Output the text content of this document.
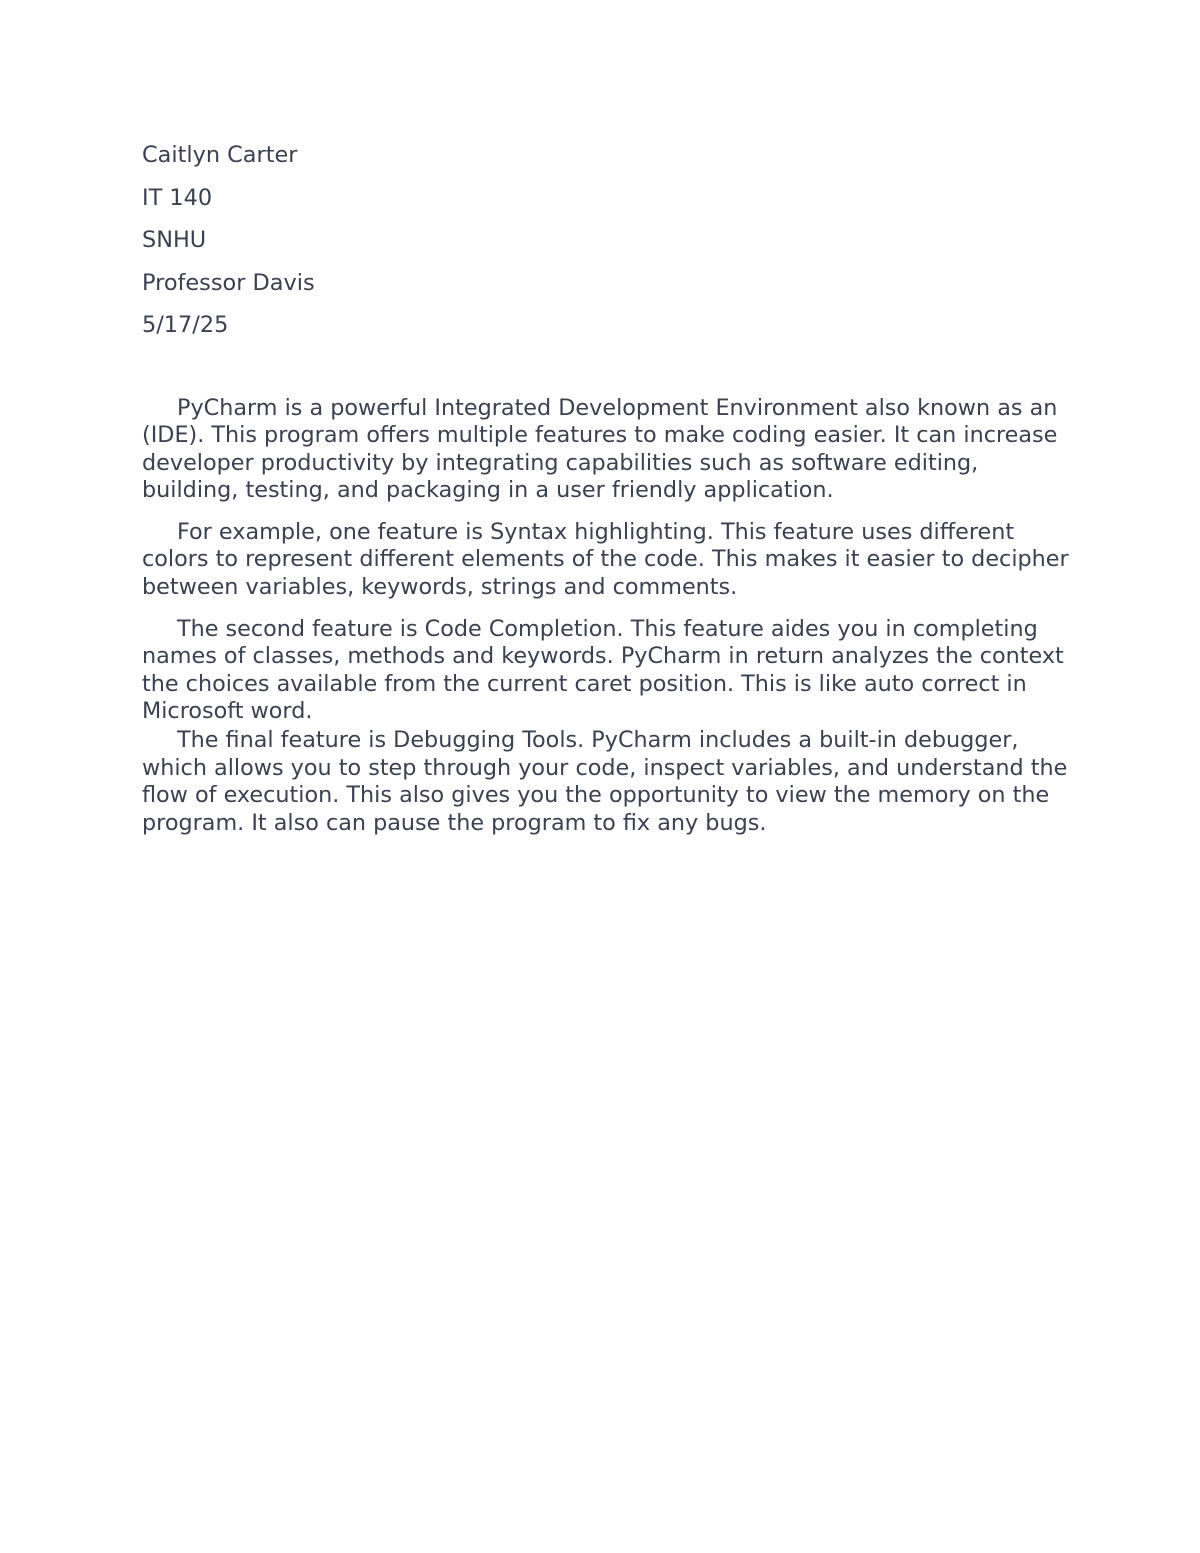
Caitlyn Carter
IT 140
SNHU
Professor Davis
5/17/25

PyCharm is a powerful Integrated Development Environment also known as an (IDE). This program offers multiple features to make coding easier. It can increase developer productivity by integrating capabilities such as software editing, building, testing, and packaging in a user friendly application.

For example, one feature is Syntax highlighting. This feature uses different colors to represent different elements of the code. This makes it easier to decipher between variables, keywords, strings and comments.

The second feature is Code Completion. This feature aides you in completing names of classes, methods and keywords. PyCharm in return analyzes the context the choices available from the current caret position. This is like auto correct in Microsoft word.

The final feature is Debugging Tools. PyCharm includes a built-in debugger, which allows you to step through your code, inspect variables, and understand the flow of execution. This also gives you the opportunity to view the memory on the program. It also can pause the program to fix any bugs.
